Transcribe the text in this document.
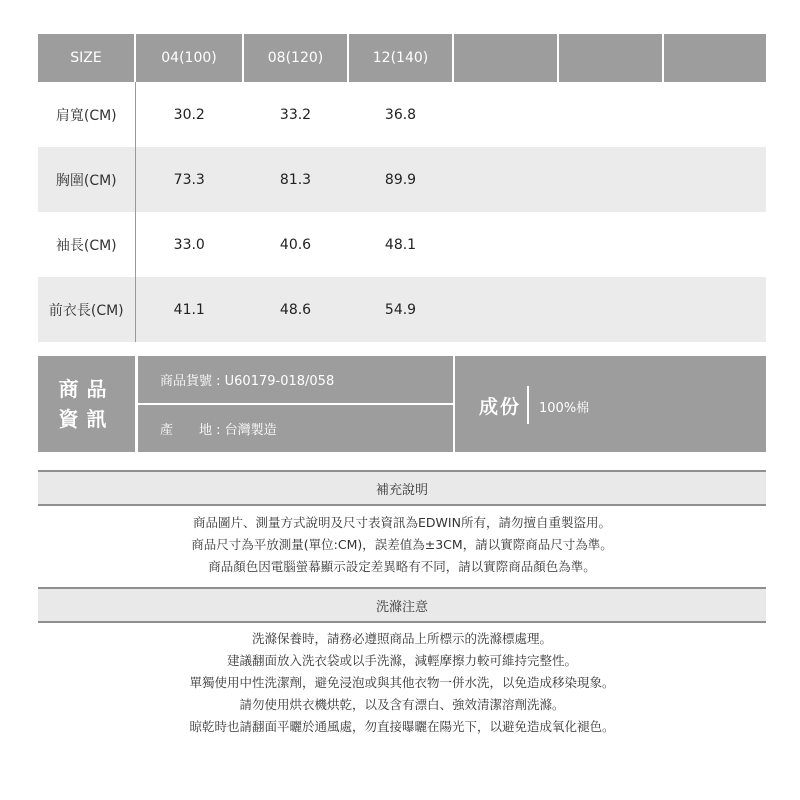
SIZE	04(100)	08(120)	12(140)			
肩寬(CM)	30.2	33.2	36.8			
胸圍(CM)	73.3	81.3	89.9			
袖長(CM)	33.0	40.6	48.1			
前衣長(CM)	41.1	48.6	54.9			
商品
資訊
商品貨號 : U60179-018/058
產　　地 : 台灣製造
成份 100%棉
補充說明
商品圖片、測量方式說明及尺寸表資訊為EDWIN所有，請勿擅自重製盜用。
商品尺寸為平放測量(單位:CM)，誤差值為±3CM，請以實際商品尺寸為準。
商品顏色因電腦螢幕顯示設定差異略有不同，請以實際商品顏色為準。
洗滌注意
洗滌保養時，請務必遵照商品上所標示的洗滌標處理。
建議翻面放入洗衣袋或以手洗滌，減輕摩擦力較可維持完整性。
單獨使用中性洗潔劑，避免浸泡或與其他衣物一併水洗，以免造成移染現象。
請勿使用烘衣機烘乾，以及含有漂白、強效清潔溶劑洗滌。
晾乾時也請翻面平曬於通風處，勿直接曝曬在陽光下，以避免造成氧化褪色。
